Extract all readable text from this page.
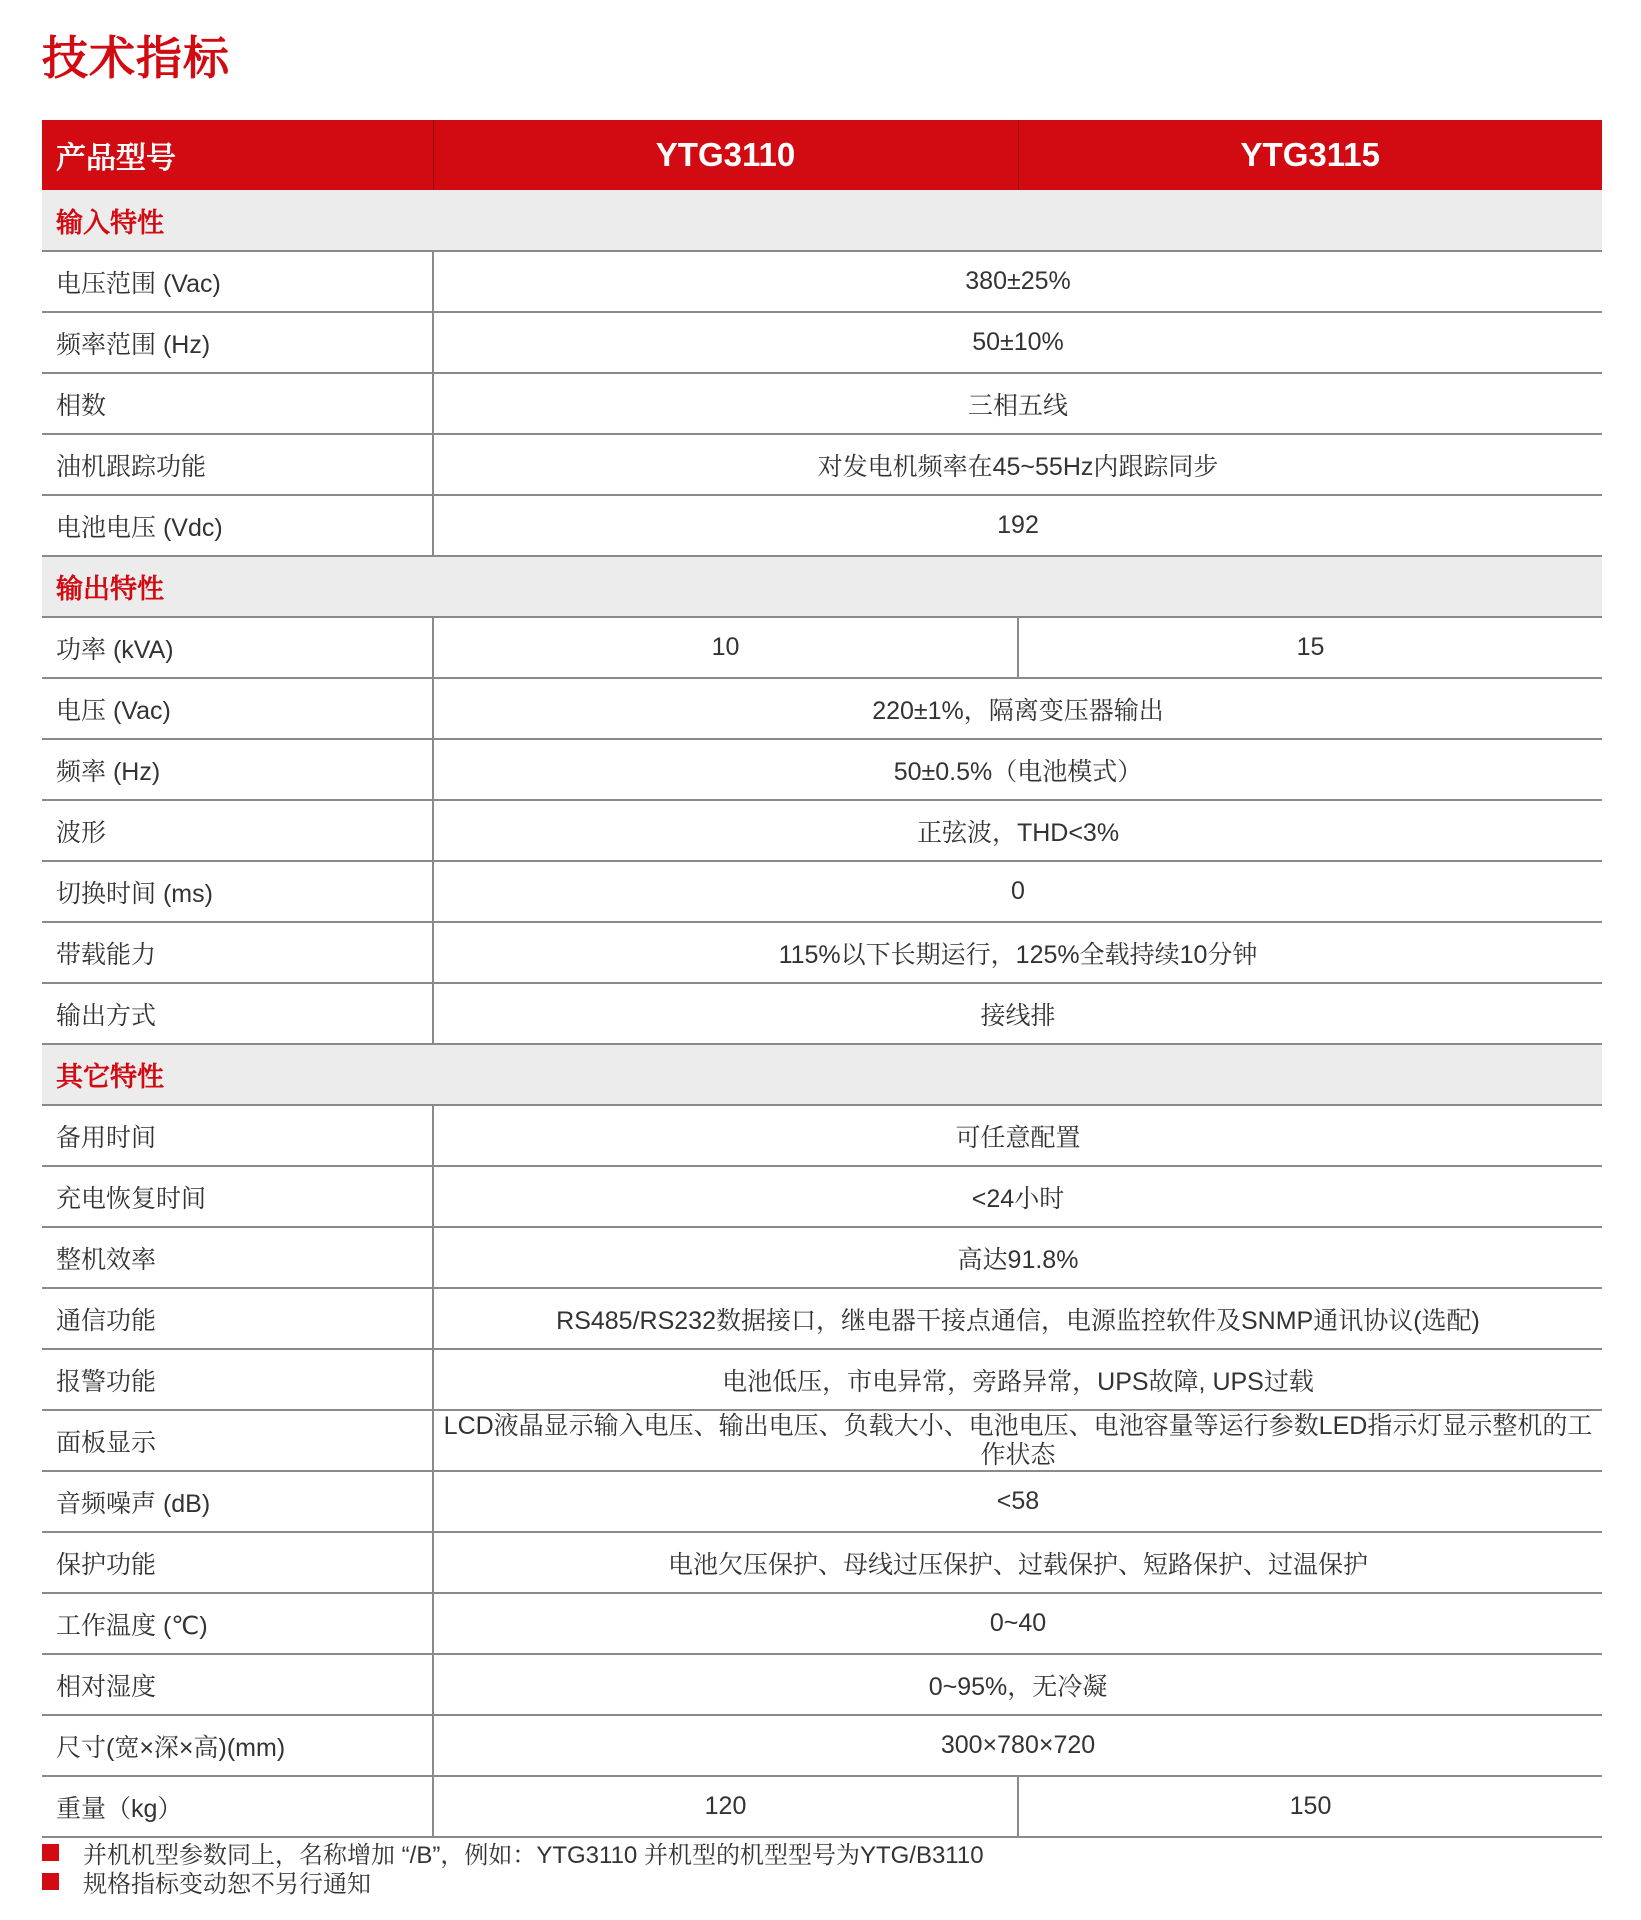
技术指标
产品型号	YTG3110	YTG3115
输入特性		
电压范围 (Vac)	380±25%	
频率范围 (Hz)	50±10%	
相数	三相五线	
油机跟踪功能	对发电机频率在45~55Hz内跟踪同步	
电池电压 (Vdc)	192	
输出特性		
功率 (kVA)	10	15
电压 (Vac)	220±1%，隔离变压器输出	
频率 (Hz)	50±0.5%（电池模式）	
波形	正弦波，THD<3%	
切换时间 (ms)	0	
带载能力	115%以下长期运行，125%全载持续10分钟	
输出方式	接线排	
其它特性		
备用时间	可任意配置	
充电恢复时间	<24小时	
整机效率	高达91.8%	
通信功能	RS485/RS232数据接口，继电器干接点通信，电源监控软件及SNMP通讯协议(选配)	
报警功能	电池低压，市电异常，旁路异常，UPS故障, UPS过载	
面板显示	LCD液晶显示输入电压、输出电压、负载大小、电池电压、电池容量等运行参数LED指示灯显示整机的工作状态	
音频噪声 (dB)	<58	
保护功能	电池欠压保护、母线过压保护、过载保护、短路保护、过温保护	
工作温度 (℃)	0~40	
相对湿度	0~95%，无冷凝	
尺寸(宽×深×高)(mm)	300×780×720	
重量（kg）	120	150
并机机型参数同上，名称增加 “/B”，例如：YTG3110 并机型的机型型号为YTG/B3110
规格指标变动恕不另行通知
